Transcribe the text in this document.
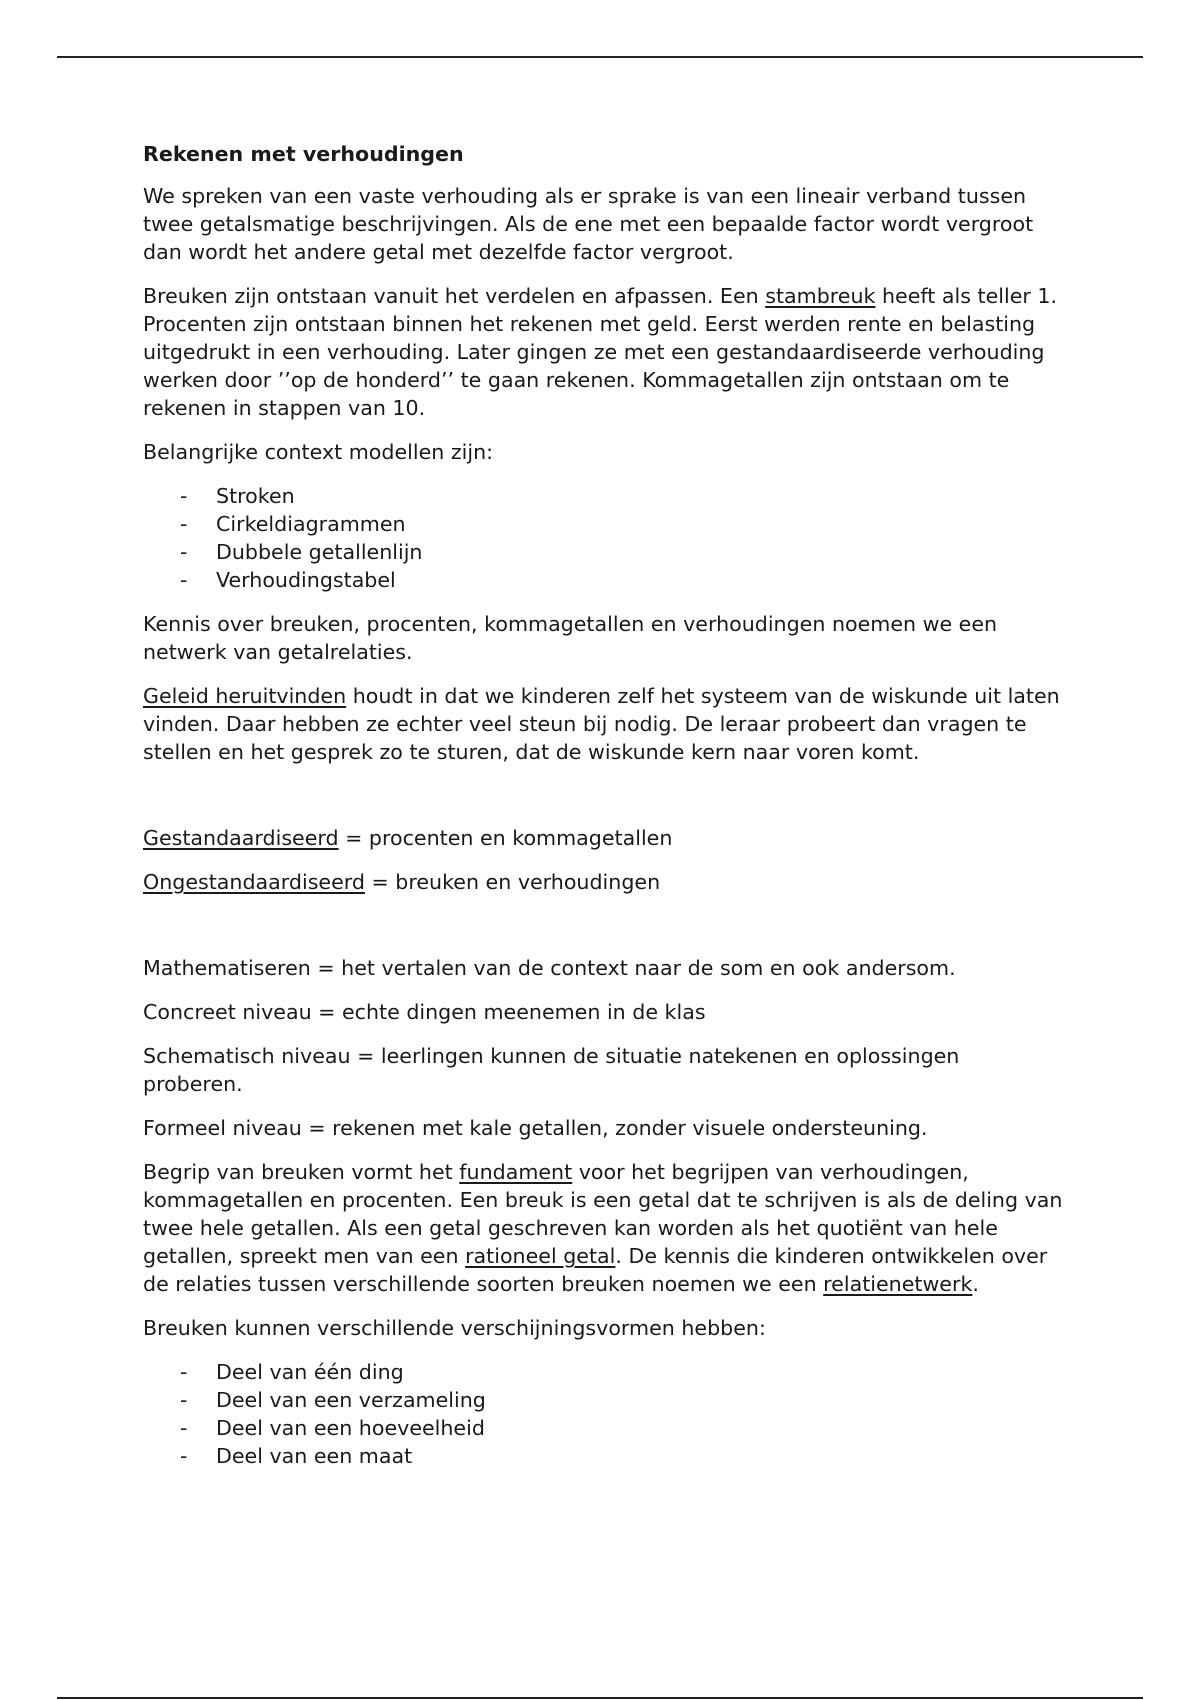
Rekenen met verhoudingen

We spreken van een vaste verhouding als er sprake is van een lineair verband tussen twee getalsmatige beschrijvingen. Als de ene met een bepaalde factor wordt vergroot dan wordt het andere getal met dezelfde factor vergroot.

Breuken zijn ontstaan vanuit het verdelen en afpassen. Een stambreuk heeft als teller 1. Procenten zijn ontstaan binnen het rekenen met geld. Eerst werden rente en belasting uitgedrukt in een verhouding. Later gingen ze met een gestandaardiseerde verhouding werken door ’’op de honderd’’ te gaan rekenen. Kommagetallen zijn ontstaan om te rekenen in stappen van 10.

Belangrijke context modellen zijn:

- Stroken
- Cirkeldiagrammen
- Dubbele getallenlijn
- Verhoudingstabel

Kennis over breuken, procenten, kommagetallen en verhoudingen noemen we een netwerk van getalrelaties.

Geleid heruitvinden houdt in dat we kinderen zelf het systeem van de wiskunde uit laten vinden. Daar hebben ze echter veel steun bij nodig. De leraar probeert dan vragen te stellen en het gesprek zo te sturen, dat de wiskunde kern naar voren komt.

Gestandaardiseerd = procenten en kommagetallen

Ongestandaardiseerd = breuken en verhoudingen

Mathematiseren = het vertalen van de context naar de som en ook andersom.

Concreet niveau = echte dingen meenemen in de klas

Schematisch niveau = leerlingen kunnen de situatie natekenen en oplossingen proberen.

Formeel niveau = rekenen met kale getallen, zonder visuele ondersteuning.

Begrip van breuken vormt het fundament voor het begrijpen van verhoudingen, kommagetallen en procenten. Een breuk is een getal dat te schrijven is als de deling van twee hele getallen. Als een getal geschreven kan worden als het quotiënt van hele getallen, spreekt men van een rationeel getal. De kennis die kinderen ontwikkelen over de relaties tussen verschillende soorten breuken noemen we een relatienetwerk.

Breuken kunnen verschillende verschijningsvormen hebben:

- Deel van één ding
- Deel van een verzameling
- Deel van een hoeveelheid
- Deel van een maat
